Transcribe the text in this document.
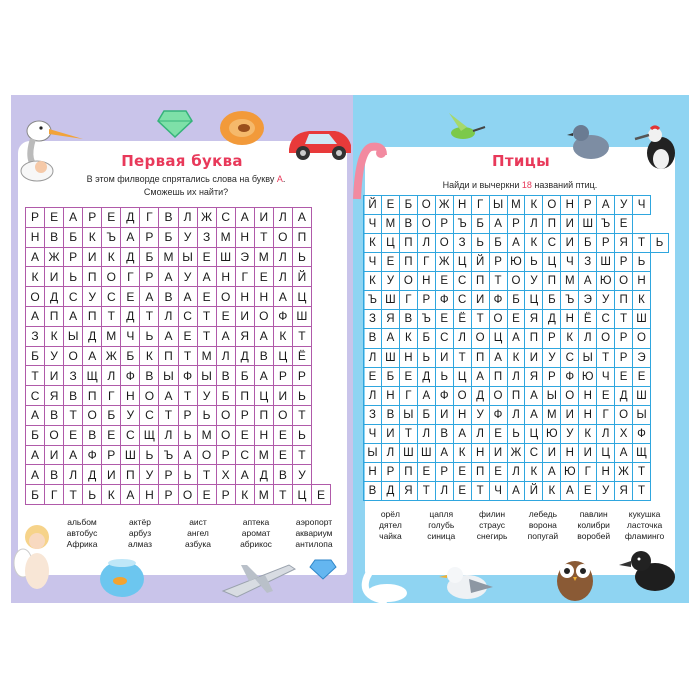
Первая буква
В этом филворде спрятались слова на букву А.
Сможешь их найти?
Р	Е	А	Р	Е	Д	Г	В	Л	Ж	С	А	И	Л	А	
Н	В	Б	К	Ъ	А	Р	Б	У	З	М	Н	Т	О	П	
А	Ж	Р	И	К	Д	Б	М	Ы	Е	Ш	Э	М	Л	Ь	
К	И	Ь	П	О	Г	Р	А	У	А	Н	Г	Е	Л	Й	
О	Д	С	У	С	Е	А	В	А	Е	О	Н	Н	А	Ц	
А	П	А	П	Т	Д	Т	Л	С	Т	Е	И	О	Ф	Ш	
З	К	Ы	Д	М	Ч	Ь	А	Е	Т	А	Я	А	К	Т	
Б	У	О	А	Ж	Б	К	П	Т	М	Л	Д	В	Ц	Ё	
Т	И	З	Щ	Л	Ф	В	Ы	Ф	Ы	В	Б	А	Р	Р	
С	Я	В	П	Г	Н	О	А	Т	У	Б	П	Ц	И	Ь	
А	В	Т	О	Б	У	С	Т	Р	Ь	О	Р	П	О	Т	
Б	О	Е	В	Е	С	Щ	Л	Ь	М	О	Е	Н	Е	Ь	
А	И	А	Ф	Р	Ш	Ь	Ъ	А	О	Р	С	М	Е	Т	
А	В	Л	Д	И	П	У	Р	Ь	Т	Х	А	Д	В	У	
Б	Г	Т	Ь	К	А	Н	Р	О	Е	Р	К	М	Т	Ц	Е
альбом	актёр	аист	аптека	аэропорт
автобус	арбуз	ангел	аромат	аквариум
Африка	алмаз	азбука	абрикос	антилопа
Птицы
Найди и вычеркни 18 названий птиц.
Й	Е	Б	О	Ж	Н	Г	Ы	М	К	О	Н	Р	А	У	Ч	
Ч	М	В	О	Р	Ъ	Б	А	Р	Л	П	И	Ш	Ъ	Е		
К	Ц	П	Л	О	З	Ь	Б	А	К	С	И	Б	Р	Я	Т	Ь
Ч	Е	П	Г	Ж	Ц	Й	Р	Ю	Ь	Ц	Ч	З	Ш	Р	Ь	
К	У	О	Н	Е	С	П	Т	О	У	П	М	А	Ю	О	Н	
Ъ	Ш	Г	Р	Ф	С	И	Ф	Б	Ц	Б	Ъ	Э	У	П	К	
З	Я	В	Ъ	Е	Ё	Т	О	Е	Я	Д	Н	Ё	С	Т	Ш	
В	А	К	Б	С	Л	О	Ц	А	П	Р	К	Л	О	Р	О	
Л	Ш	Н	Ь	И	Т	П	А	К	И	У	С	Ы	Т	Р	Э	
Е	Б	Е	Д	Ь	Ц	А	П	Л	Я	Р	Ф	Ю	Ч	Е	Е	
Л	Н	Г	А	Ф	О	Д	О	П	А	Ы	О	Н	Е	Д	Ш	
З	В	Ы	Б	И	Н	У	Ф	Л	А	М	И	Н	Г	О	Ы	
Ч	И	Т	Л	В	А	Л	Е	Ь	Ц	Ю	У	К	Л	Х	Ф	
Ы	Л	Ш	Ш	А	К	Н	И	Ж	С	И	Н	И	Ц	А	Щ	
Н	Р	П	Е	Р	Е	П	Е	Л	К	А	Ю	Г	Н	Ж	Т	
В	Д	Я	Т	Л	Е	Т	Ч	А	Й	К	А	Е	У	Я	Т	
орёл	цапля	филин	лебедь	павлин	кукушка
дятел	голубь	страус	ворона	колибри	ласточка
чайка	синица	снегирь	попугай	воробей	фламинго
